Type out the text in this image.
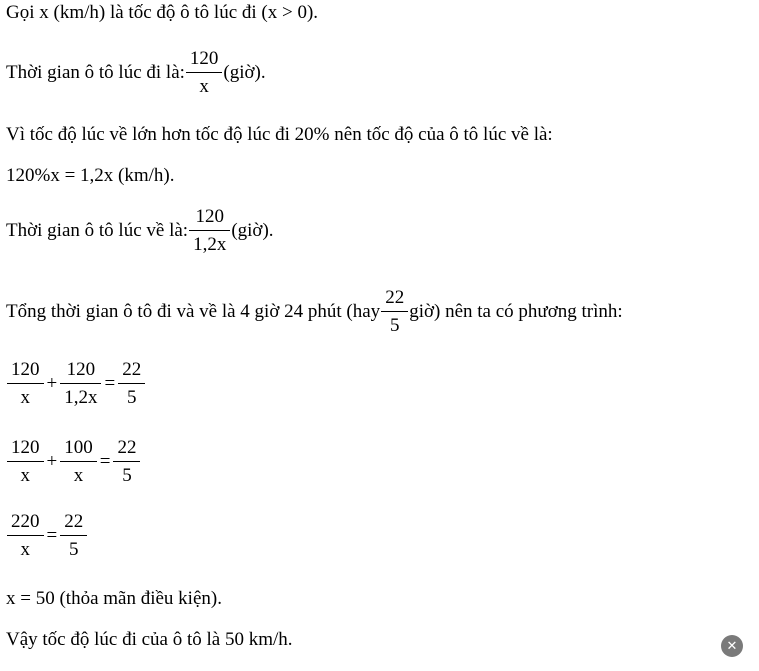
Gọi x (km/h) là tốc độ ô tô lúc đi (x > 0).
Thời gian ô tô lúc đi là: $\frac{120}{x}$ (giờ).
Vì tốc độ lúc về lớn hơn tốc độ lúc đi 20% nên tốc độ của ô tô lúc về là:
120%x = 1,2x (km/h).
Thời gian ô tô lúc về là: $\frac{120}{1,2x}$ (giờ).
Tổng thời gian ô tô đi và về là 4 giờ 24 phút ($hay \frac{22}{5}$ giờ) nên ta có phương trình:
$\frac{120}{x} + \frac{120}{1,2x} = \frac{22}{5}$
$\frac{120}{x} + \frac{100}{x} = \frac{22}{5}$
$\frac{220}{x} = \frac{22}{5}$
x = 50 (thỏa mãn điều kiện).
Vậy tốc độ lúc đi của ô tô là 50 km/h.	✕
